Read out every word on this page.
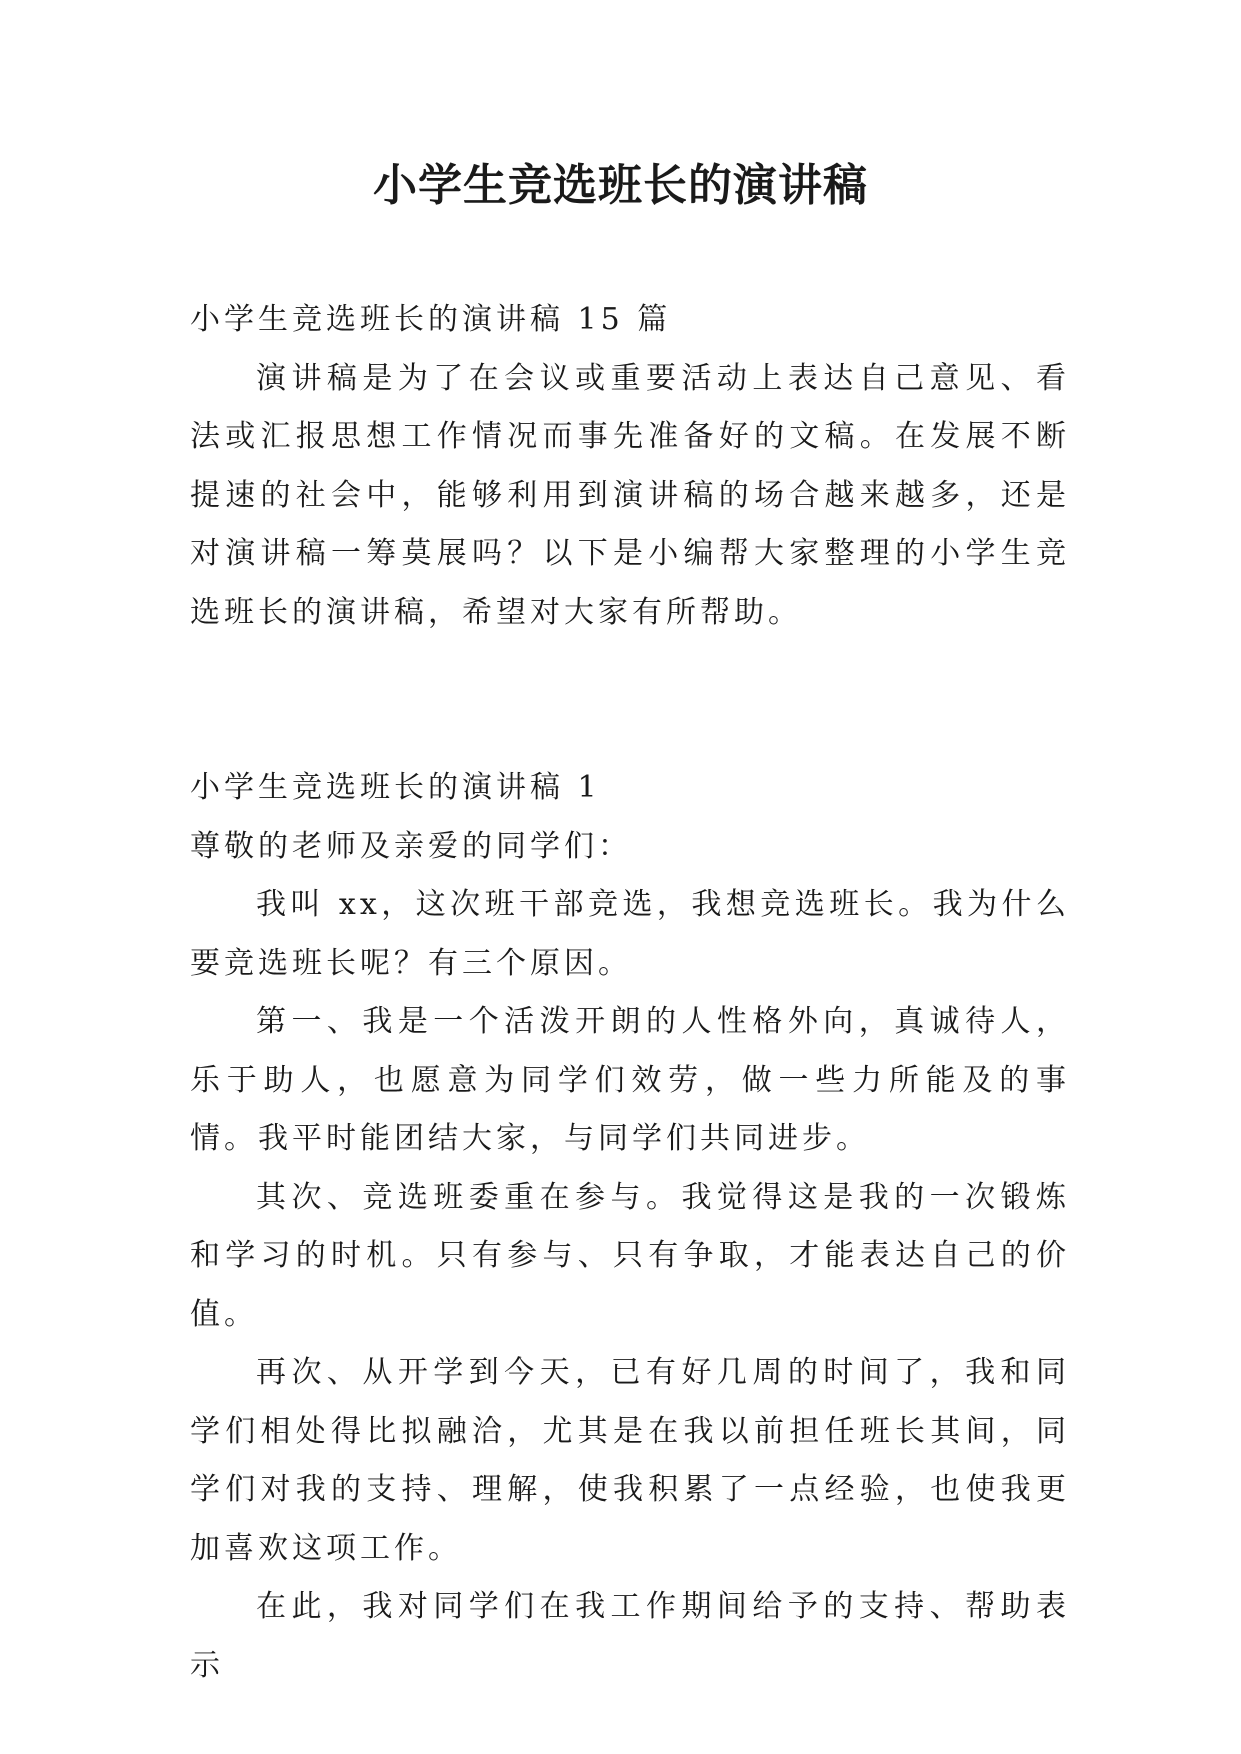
小学生竞选班长的演讲稿

小学生竞选班长的演讲稿 15 篇

演讲稿是为了在会议或重要活动上表达自己意见、看法或汇报思想工作情况而事先准备好的文稿。在发展不断提速的社会中，能够利用到演讲稿的场合越来越多，还是对演讲稿一筹莫展吗？以下是小编帮大家整理的小学生竞选班长的演讲稿，希望对大家有所帮助。

小学生竞选班长的演讲稿 1

尊敬的老师及亲爱的同学们：

我叫 xx，这次班干部竞选，我想竞选班长。我为什么要竞选班长呢？有三个原因。

第一、我是一个活泼开朗的人性格外向，真诚待人，乐于助人，也愿意为同学们效劳，做一些力所能及的事情。我平时能团结大家，与同学们共同进步。

其次、竞选班委重在参与。我觉得这是我的一次锻炼和学习的时机。只有参与、只有争取，才能表达自己的价值。

再次、从开学到今天，已有好几周的时间了，我和同学们相处得比拟融洽，尤其是在我以前担任班长其间，同学们对我的支持、理解，使我积累了一点经验，也使我更加喜欢这项工作。

在此，我对同学们在我工作期间给予的支持、帮助表示
